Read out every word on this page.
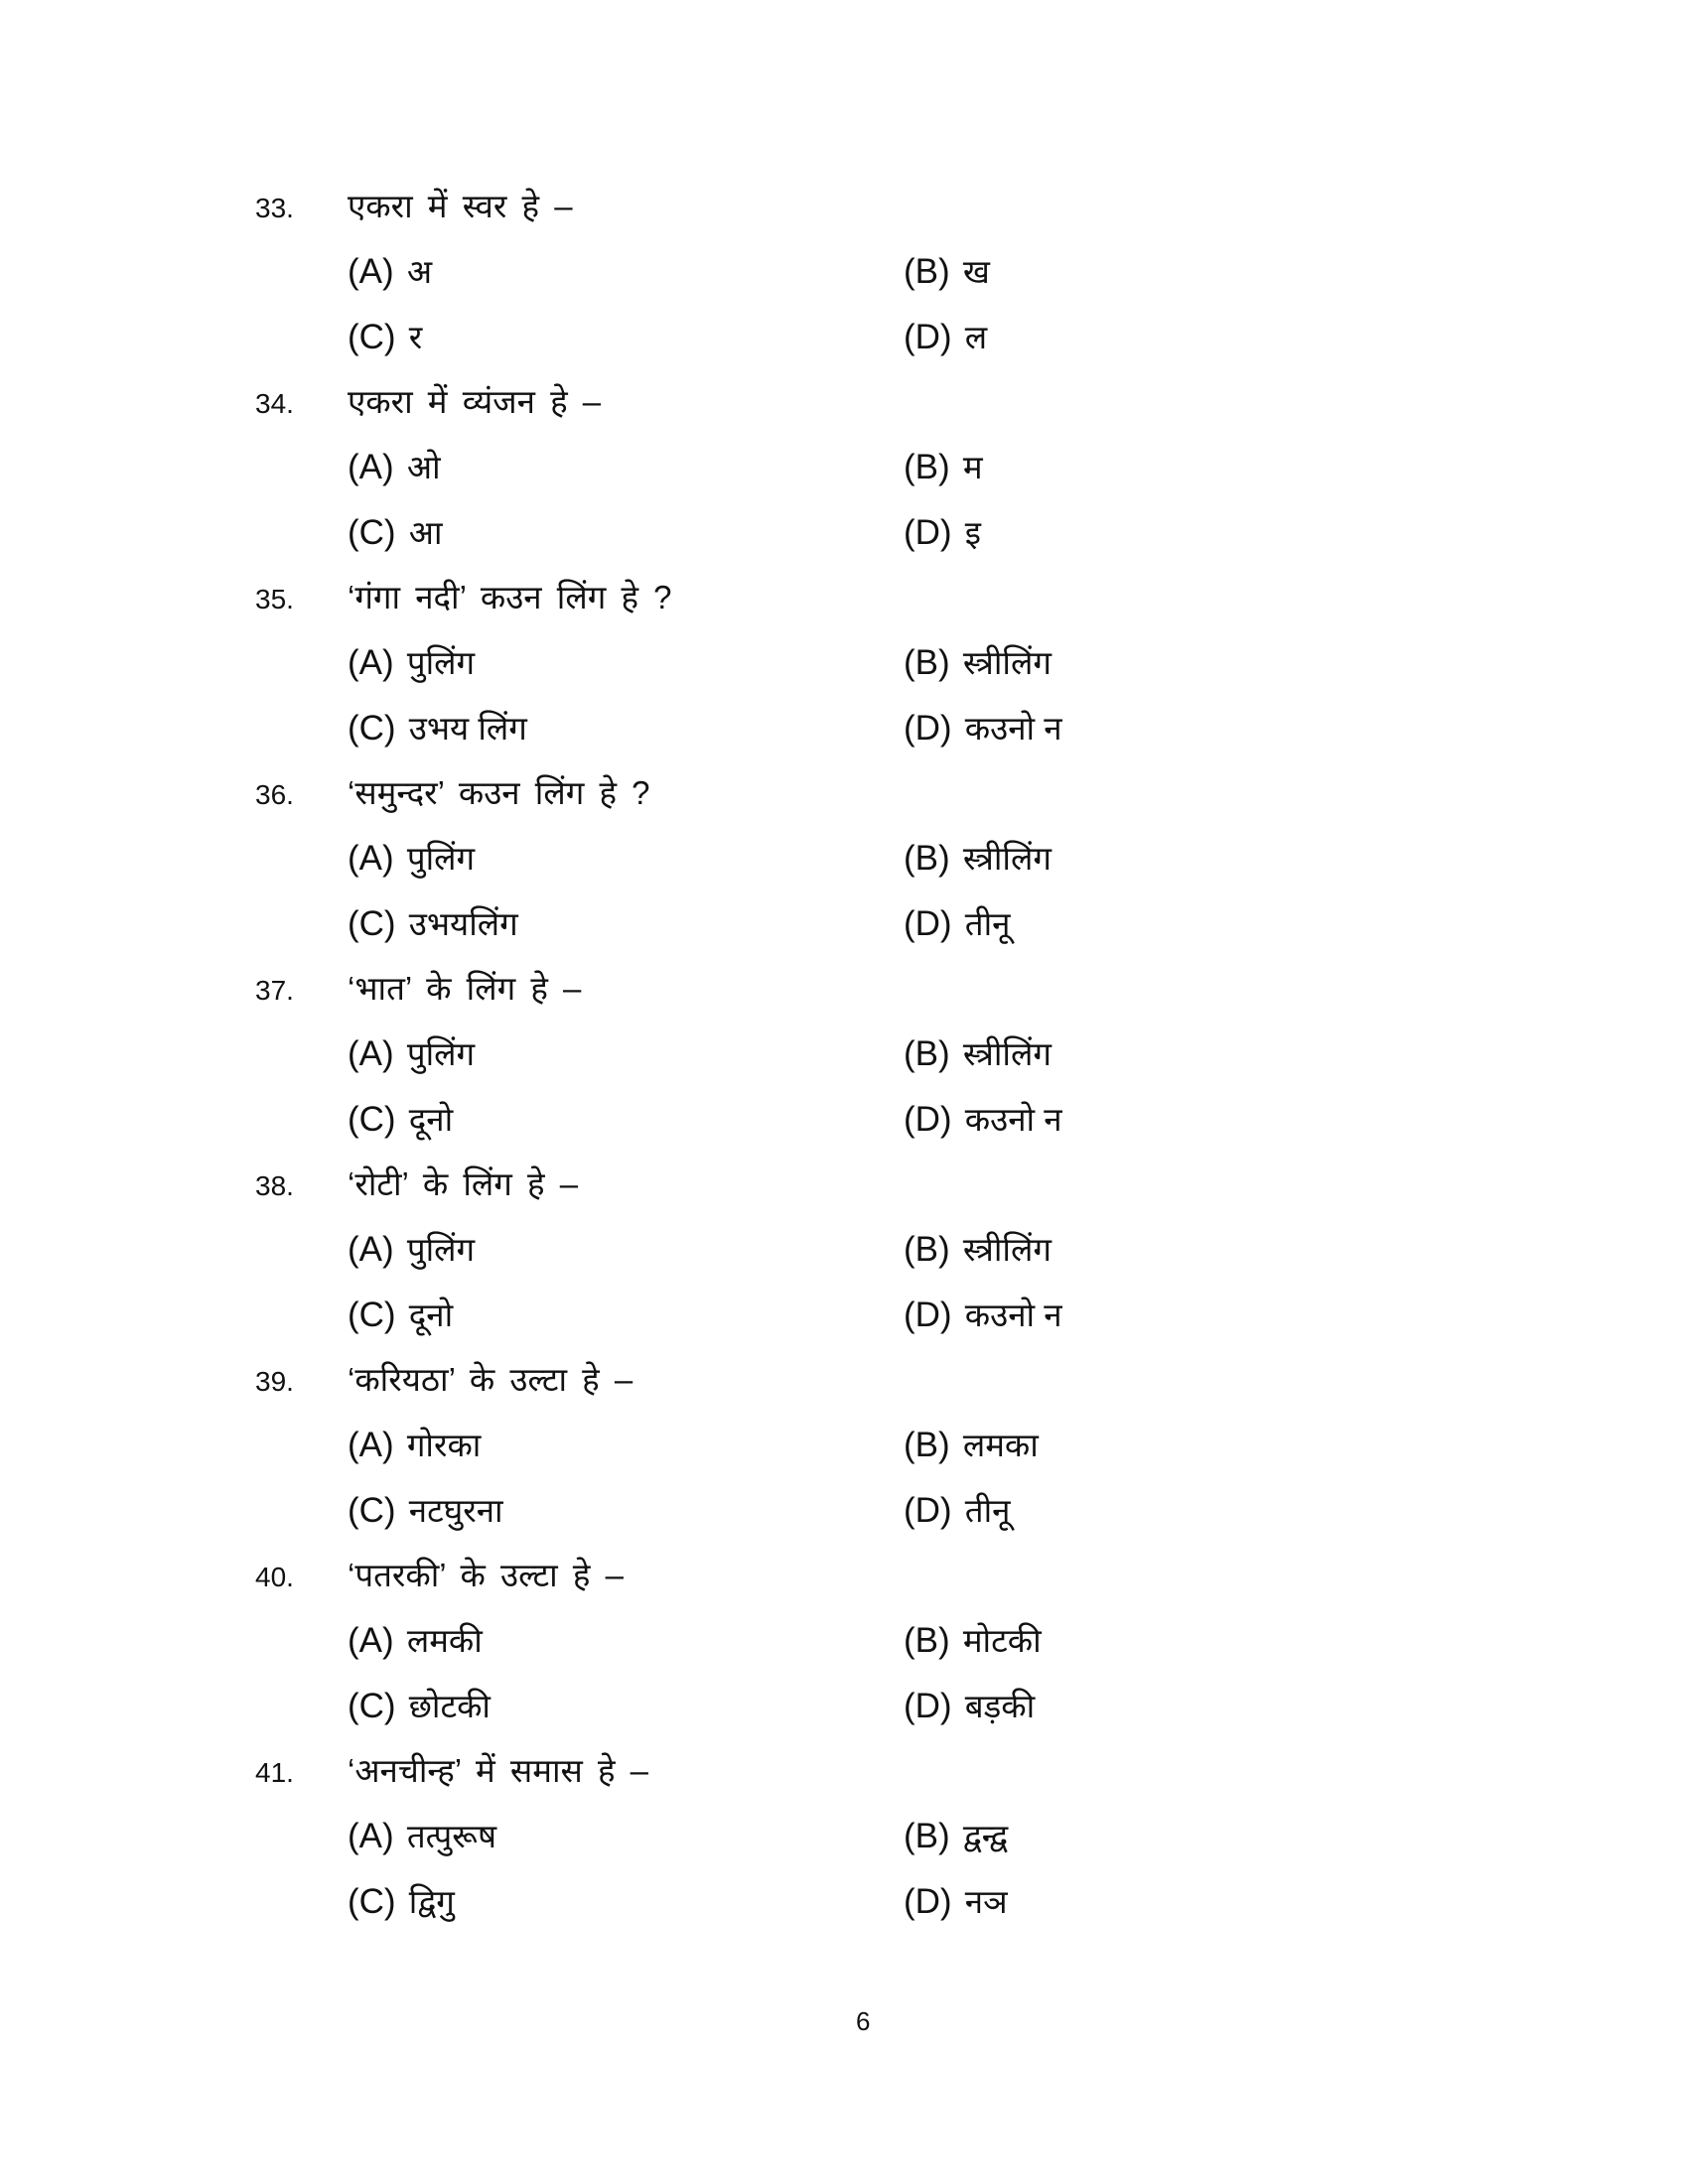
33. एकरा में स्वर हे –
(A) अ	(B) ख
(C) र	(D) ल
34. एकरा में व्यंजन हे –
(A) ओ	(B) म
(C) आ	(D) इ
35. ‘गंगा नदी’ कउन लिंग हे ?
(A) पुलिंग	(B) स्त्रीलिंग
(C) उभय लिंग	(D) कउनो न
36. ‘समुन्दर’ कउन लिंग हे ?
(A) पुलिंग	(B) स्त्रीलिंग
(C) उभयलिंग	(D) तीनू
37. ‘भात’ के लिंग हे –
(A) पुलिंग	(B) स्त्रीलिंग
(C) दूनो	(D) कउनो न
38. ‘रोटी’ के लिंग हे –
(A) पुलिंग	(B) स्त्रीलिंग
(C) दूनो	(D) कउनो न
39. ‘करियठा’ के उल्टा हे –
(A) गोरका	(B) लमका
(C) नटघुरना	(D) तीनू
40. ‘पतरकी’ के उल्टा हे –
(A) लमकी	(B) मोटकी
(C) छोटकी	(D) बड़की
41. ‘अनचीन्ह’ में समास हे –
(A) तत्पुरूष	(B) द्वन्द्व
(C) द्विगु	(D) नञ
6
